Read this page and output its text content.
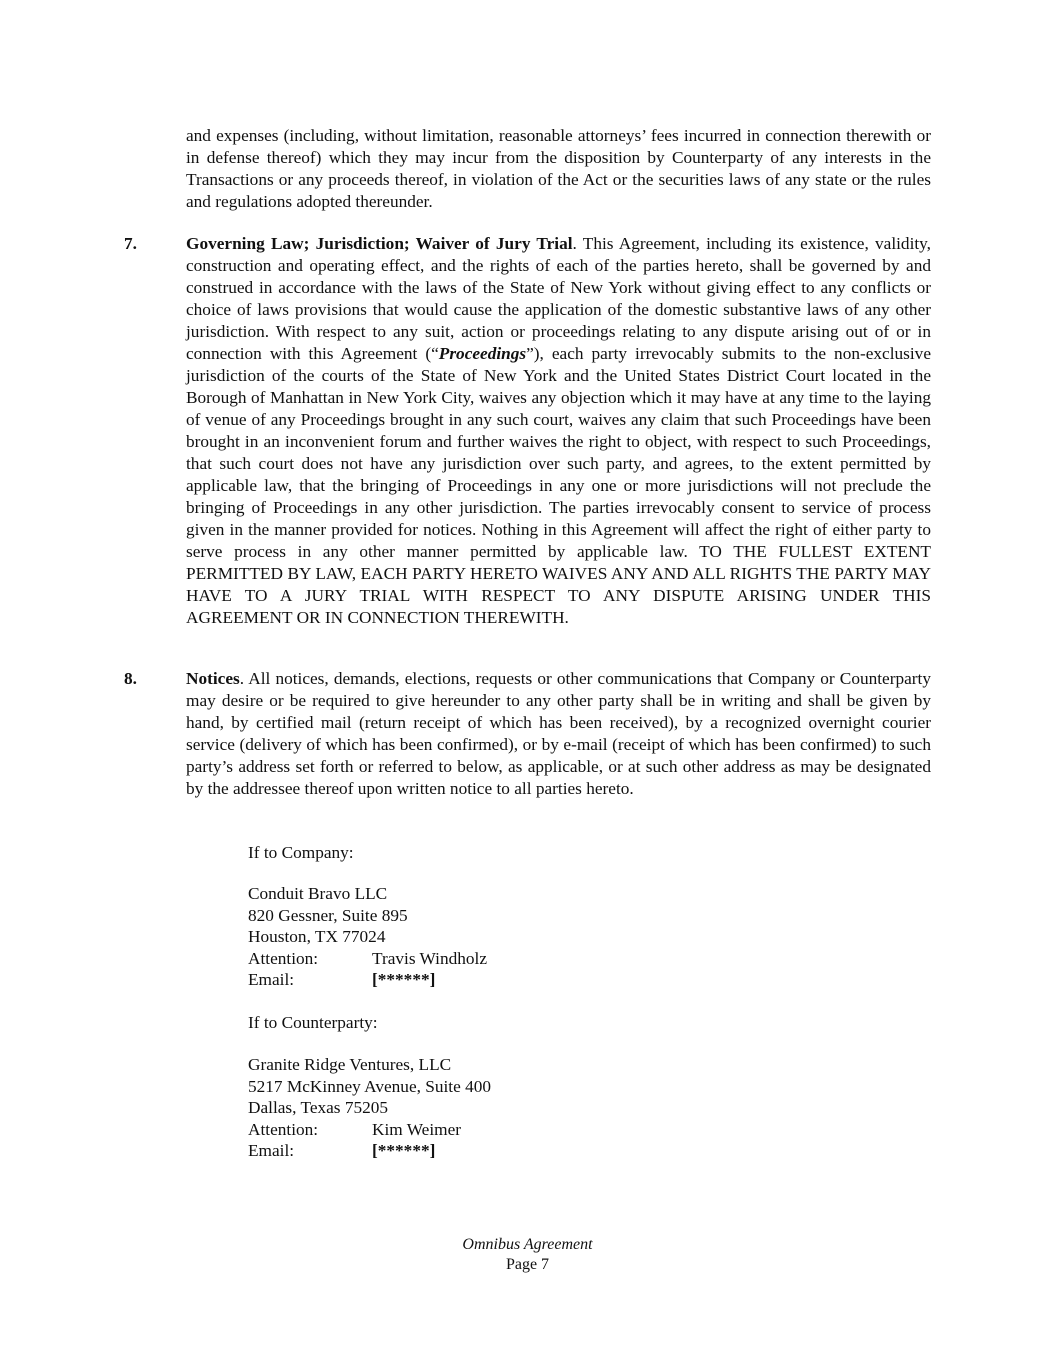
and expenses (including, without limitation, reasonable attorneys’ fees incurred in connection therewith or in defense thereof) which they may incur from the disposition by Counterparty of any interests in the Transactions or any proceeds thereof, in violation of the Act or the securities laws of any state or the rules and regulations adopted thereunder.

7.	Governing Law; Jurisdiction; Waiver of Jury Trial. This Agreement, including its existence, validity, construction and operating effect, and the rights of each of the parties hereto, shall be governed by and construed in accordance with the laws of the State of New York without giving effect to any conflicts or choice of laws provisions that would cause the application of the domestic substantive laws of any other jurisdiction. With respect to any suit, action or proceedings relating to any dispute arising out of or in connection with this Agreement (“Proceedings”), each party irrevocably submits to the non-exclusive jurisdiction of the courts of the State of New York and the United States District Court located in the Borough of Manhattan in New York City, waives any objection which it may have at any time to the laying of venue of any Proceedings brought in any such court, waives any claim that such Proceedings have been brought in an inconvenient forum and further waives the right to object, with respect to such Proceedings, that such court does not have any jurisdiction over such party, and agrees, to the extent permitted by applicable law, that the bringing of Proceedings in any one or more jurisdictions will not preclude the bringing of Proceedings in any other jurisdiction. The parties irrevocably consent to service of process given in the manner provided for notices. Nothing in this Agreement will affect the right of either party to serve process in any other manner permitted by applicable law. TO THE FULLEST EXTENT PERMITTED BY LAW, EACH PARTY HERETO WAIVES ANY AND ALL RIGHTS THE PARTY MAY HAVE TO A JURY TRIAL WITH RESPECT TO ANY DISPUTE ARISING UNDER THIS AGREEMENT OR IN CONNECTION THEREWITH.

8.	Notices. All notices, demands, elections, requests or other communications that Company or Counterparty may desire or be required to give hereunder to any other party shall be in writing and shall be given by hand, by certified mail (return receipt of which has been received), by a recognized overnight courier service (delivery of which has been confirmed), or by e-mail (receipt of which has been confirmed) to such party’s address set forth or referred to below, as applicable, or at such other address as may be designated by the addressee thereof upon written notice to all parties hereto.

If to Company:

Conduit Bravo LLC
820 Gessner, Suite 895
Houston, TX 77024
Attention:	Travis Windholz
Email:	[******]

If to Counterparty:

Granite Ridge Ventures, LLC
5217 McKinney Avenue, Suite 400
Dallas, Texas 75205
Attention:	Kim Weimer
Email:	[******]
Omnibus Agreement
Page 7
